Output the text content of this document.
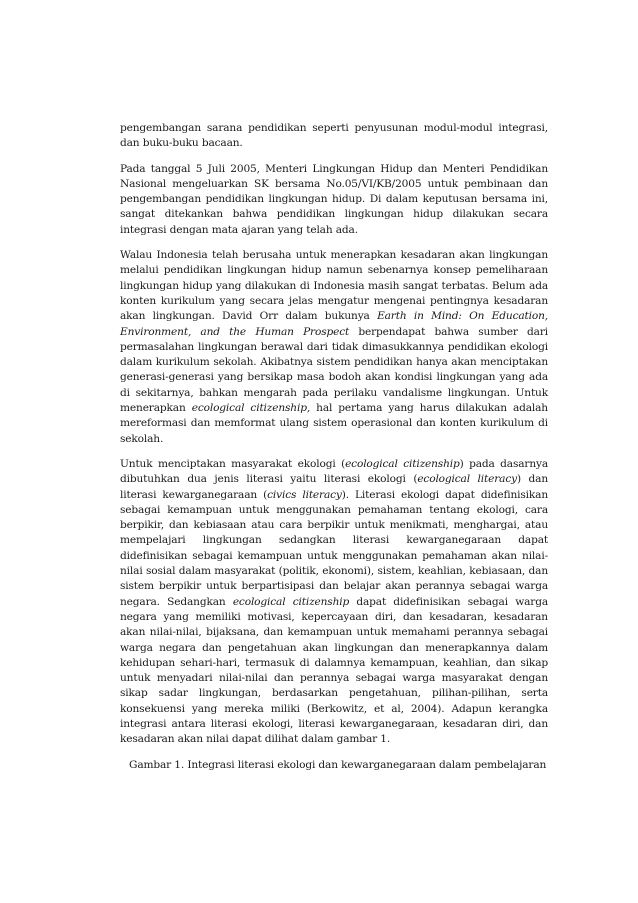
pengembangan sarana pendidikan seperti penyusunan modul-modul integrasi, dan buku-buku bacaan.

Pada tanggal 5 Juli 2005, Menteri Lingkungan Hidup dan Menteri Pendidikan Nasional mengeluarkan SK bersama No.05/VI/KB/2005 untuk pembinaan dan pengembangan pendidikan lingkungan hidup. Di dalam keputusan bersama ini, sangat ditekankan bahwa pendidikan lingkungan hidup dilakukan secara integrasi dengan mata ajaran yang telah ada.

Walau Indonesia telah berusaha untuk menerapkan kesadaran akan lingkungan melalui pendidikan lingkungan hidup namun sebenarnya konsep pemeliharaan lingkungan hidup yang dilakukan di Indonesia masih sangat terbatas. Belum ada konten kurikulum yang secara jelas mengatur mengenai pentingnya kesadaran akan lingkungan. David Orr dalam bukunya Earth in Mind: On Education, Environment, and the Human Prospect berpendapat bahwa sumber dari permasalahan lingkungan berawal dari tidak dimasukkannya pendidikan ekologi dalam kurikulum sekolah. Akibatnya sistem pendidikan hanya akan menciptakan generasi-generasi yang bersikap masa bodoh akan kondisi lingkungan yang ada di sekitarnya, bahkan mengarah pada perilaku vandalisme lingkungan. Untuk menerapkan ecological citizenship, hal pertama yang harus dilakukan adalah mereformasi dan memformat ulang sistem operasional dan konten kurikulum di sekolah.

Untuk menciptakan masyarakat ekologi (ecological citizenship) pada dasarnya dibutuhkan dua jenis literasi yaitu literasi ekologi (ecological literacy) dan literasi kewarganegaraan (civics literacy). Literasi ekologi dapat didefinisikan sebagai kemampuan untuk menggunakan pemahaman tentang ekologi, cara berpikir, dan kebiasaan atau cara berpikir untuk menikmati, menghargai, atau mempelajari lingkungan sedangkan literasi kewarganegaraan dapat didefinisikan sebagai kemampuan untuk menggunakan pemahaman akan nilai-nilai sosial dalam masyarakat (politik, ekonomi), sistem, keahlian, kebiasaan, dan sistem berpikir untuk berpartisipasi dan belajar akan perannya sebagai warga negara. Sedangkan ecological citizenship dapat didefinisikan sebagai warga negara yang memiliki motivasi, kepercayaan diri, dan kesadaran, kesadaran akan nilai-nilai, bijaksana, dan kemampuan untuk memahami perannya sebagai warga negara dan pengetahuan akan lingkungan dan menerapkannya dalam kehidupan sehari-hari, termasuk di dalamnya kemampuan, keahlian, dan sikap untuk menyadari nilai-nilai dan perannya sebagai warga masyarakat dengan sikap sadar lingkungan, berdasarkan pengetahuan, pilihan-pilihan, serta konsekuensi yang mereka miliki (Berkowitz, et al, 2004). Adapun kerangka integrasi antara literasi ekologi, literasi kewarganegaraan, kesadaran diri, dan kesadaran akan nilai dapat dilihat dalam gambar 1.

Gambar 1. Integrasi literasi ekologi dan kewarganegaraan dalam pembelajaran
